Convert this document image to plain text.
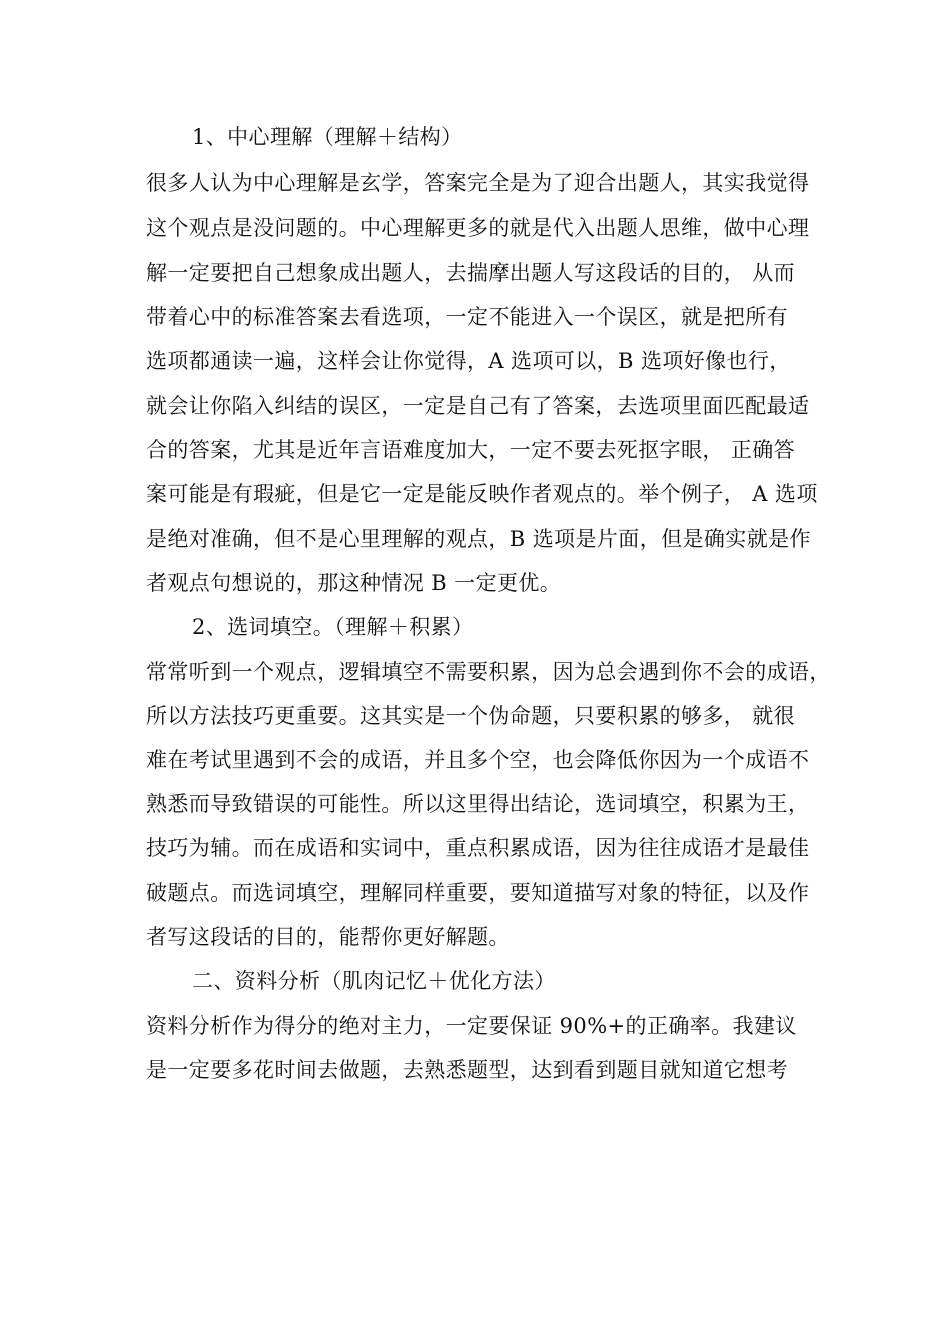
1、中心理解（理解＋结构）
很多人认为中心理解是玄学，答案完全是为了迎合出题人，其实我觉得
这个观点是没问题的。中心理解更多的就是代入出题人思维，做中心理
解一定要把自己想象成出题人，去揣摩出题人写这段话的目的， 从而
带着心中的标准答案去看选项，一定不能进入一个误区，就是把所有
选项都通读一遍，这样会让你觉得，A 选项可以，B 选项好像也行，
就会让你陷入纠结的误区，一定是自己有了答案，去选项里面匹配最适
合的答案，尤其是近年言语难度加大，一定不要去死抠字眼， 正确答
案可能是有瑕疵，但是它一定是能反映作者观点的。举个例子， A 选项
是绝对准确，但不是心里理解的观点，B 选项是片面，但是确实就是作
者观点句想说的，那这种情况 B 一定更优。
2、选词填空。（理解＋积累）
常常听到一个观点，逻辑填空不需要积累，因为总会遇到你不会的成语，
所以方法技巧更重要。这其实是一个伪命题，只要积累的够多， 就很
难在考试里遇到不会的成语，并且多个空，也会降低你因为一个成语不
熟悉而导致错误的可能性。所以这里得出结论，选词填空，积累为王，
技巧为辅。而在成语和实词中，重点积累成语，因为往往成语才是最佳
破题点。而选词填空，理解同样重要，要知道描写对象的特征，以及作
者写这段话的目的，能帮你更好解题。
二、资料分析（肌肉记忆＋优化方法）
资料分析作为得分的绝对主力，一定要保证 90%+的正确率。我建议
是一定要多花时间去做题，去熟悉题型，达到看到题目就知道它想考
